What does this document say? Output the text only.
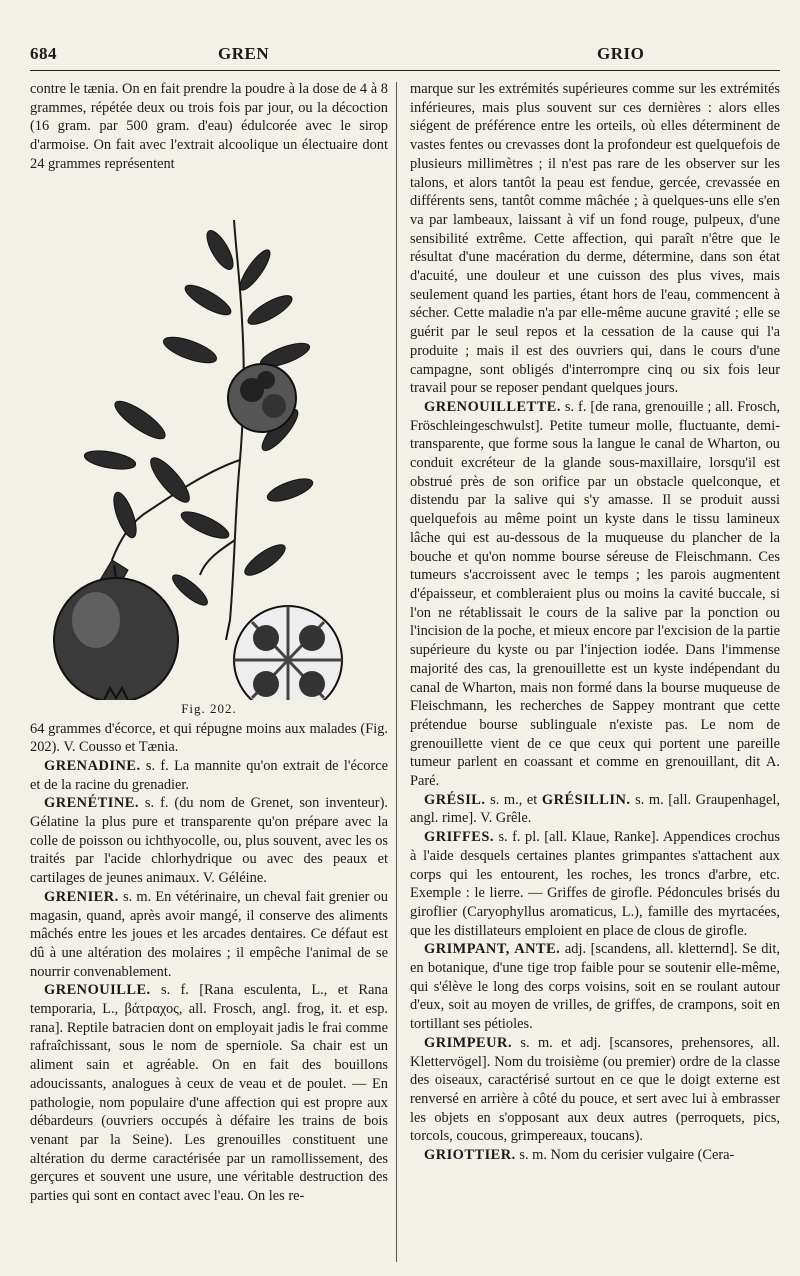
684	GREN	GRIO

contre le tænia. On en fait prendre la poudre à la dose de 4 à 8 grammes, répétée deux ou trois fois par jour, ou la décoction (16 gram. par 500 gram. d'eau) édulcorée avec le sirop d'armoise. On fait avec l'extrait alcoolique un électuaire dont 24 grammes représentent

Fig. 202.

64 grammes d'écorce, et qui répugne moins aux malades (Fig. 202). V. Cousso et Tænia.

GRENADINE. s. f. La mannite qu'on extrait de l'écorce et de la racine du grenadier.

GRENÉTINE. s. f. (du nom de Grenet, son inventeur). Gélatine la plus pure et transparente qu'on prépare avec la colle de poisson ou ichthyocolle, ou, plus souvent, avec les os traités par l'acide chlorhydrique ou avec des peaux et cartilages de jeunes animaux. V. Géléine.

GRENIER. s. m. En vétérinaire, un cheval fait grenier ou magasin, quand, après avoir mangé, il conserve des aliments mâchés entre les joues et les arcades dentaires. Ce défaut est dû à une altération des molaires ; il empêche l'animal de se nourrir convenablement.

GRENOUILLE. s. f. [Rana esculenta, L., et Rana temporaria, L., βάτραχος, all. Frosch, angl. frog, it. et esp. rana]. Reptile batracien dont on employait jadis le frai comme rafraîchissant, sous le nom de sperniole. Sa chair est un aliment sain et agréable. On en fait des bouillons adoucissants, analogues à ceux de veau et de poulet. — En pathologie, nom populaire d'une affection qui est propre aux débardeurs (ouvriers occupés à défaire les trains de bois venant par la Seine). Les grenouilles constituent une altération du derme caractérisée par un ramollissement, des gerçures et souvent une usure, une véritable destruction des parties qui sont en contact avec l'eau. On les re-

marque sur les extrémités supérieures comme sur les extrémités inférieures, mais plus souvent sur ces dernières : alors elles siégent de préférence entre les orteils, où elles déterminent de vastes fentes ou crevasses dont la profondeur est quelquefois de plusieurs millimètres ; il n'est pas rare de les observer sur les talons, et alors tantôt la peau est fendue, gercée, crevassée en différents sens, tantôt comme mâchée ; à quelques-uns elle s'en va par lambeaux, laissant à vif un fond rouge, pulpeux, d'une sensibilité extrême. Cette affection, qui paraît n'être que le résultat d'une macération du derme, détermine, dans son état d'acuité, une douleur et une cuisson des plus vives, mais seulement quand les parties, étant hors de l'eau, commencent à sécher. Cette maladie n'a par elle-même aucune gravité ; elle se guérit par le seul repos et la cessation de la cause qui l'a produite ; mais il est des ouvriers qui, dans le cours d'une campagne, sont obligés d'interrompre cinq ou six fois leur travail pour se reposer pendant quelques jours.

GRENOUILLETTE. s. f. [de rana, grenouille ; all. Frosch, Fröschleingeschwulst]. Petite tumeur molle, fluctuante, demi-transparente, que forme sous la langue le canal de Wharton, ou conduit excréteur de la glande sous-maxillaire, lorsqu'il est obstrué près de son orifice par un obstacle quelconque, et distendu par la salive qui s'y amasse. Il se produit aussi quelquefois au même point un kyste dans le tissu lamineux lâche qui est au-dessous de la muqueuse du plancher de la bouche et qu'on nomme bourse séreuse de Fleischmann. Ces tumeurs s'accroissent avec le temps ; les parois augmentent d'épaisseur, et combleraient plus ou moins la cavité buccale, si l'on ne rétablissait le cours de la salive par la ponction ou l'incision de la poche, et mieux encore par l'excision de la partie supérieure du kyste ou par l'injection iodée. Dans l'immense majorité des cas, la grenouillette est un kyste indépendant du canal de Wharton, mais non formé dans la bourse muqueuse de Fleischmann, les recherches de Sappey montrant que cette prétendue bourse sublinguale n'existe pas. Le nom de grenouillette vient de ce que ceux qui portent une pareille tumeur parlent en coassant et comme en grenouillant, dit A. Paré.

GRÉSIL. s. m., et GRÉSILLIN. s. m. [all. Graupenhagel, angl. rime]. V. Grêle.

GRIFFES. s. f. pl. [all. Klaue, Ranke]. Appendices crochus à l'aide desquels certaines plantes grimpantes s'attachent aux corps qui les entourent, les roches, les troncs d'arbre, etc. Exemple : le lierre. — Griffes de girofle. Pédoncules brisés du giroflier (Caryophyllus aromaticus, L.), famille des myrtacées, que les distillateurs emploient en place de clous de girofle.

GRIMPANT, ANTE. adj. [scandens, all. kletternd]. Se dit, en botanique, d'une tige trop faible pour se soutenir elle-même, qui s'élève le long des corps voisins, soit en se roulant autour d'eux, soit au moyen de vrilles, de griffes, de crampons, soit en tortillant ses pétioles.

GRIMPEUR. s. m. et adj. [scansores, prehensores, all. Klettervögel]. Nom du troisième (ou premier) ordre de la classe des oiseaux, caractérisé surtout en ce que le doigt externe est renversé en arrière à côté du pouce, et sert avec lui à embrasser les objets en s'opposant aux deux autres (perroquets, pics, torcols, coucous, grimpereaux, toucans).

GRIOTTIER. s. m. Nom du cerisier vulgaire (Cera-
